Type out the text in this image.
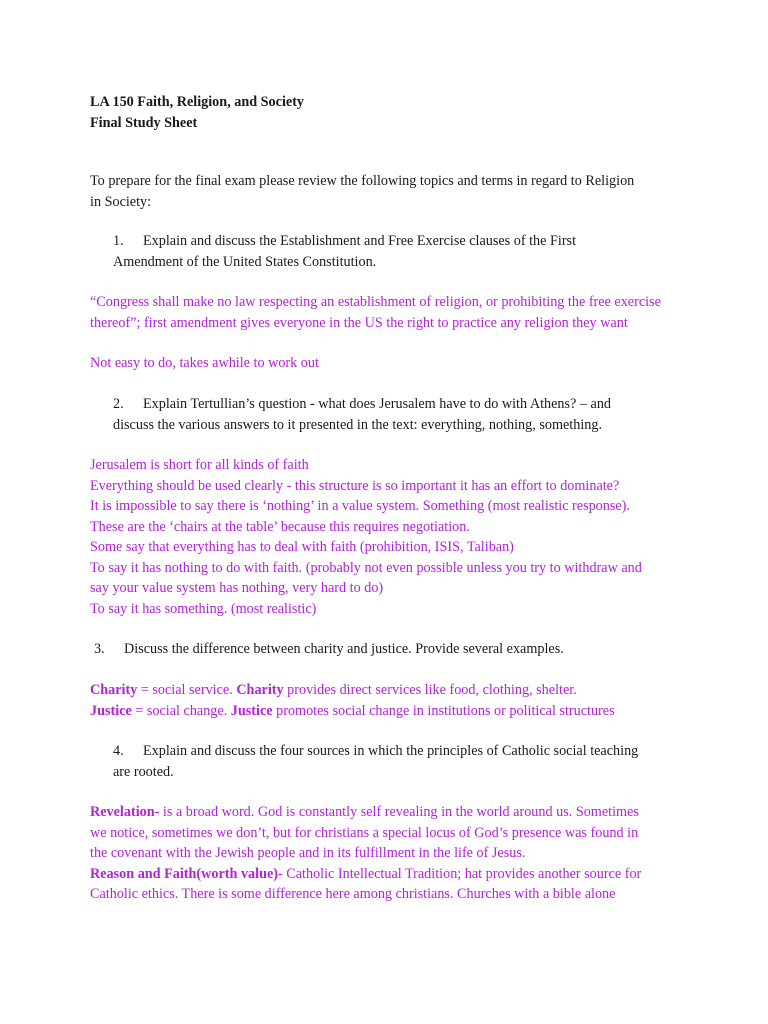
LA 150 Faith, Religion, and Society
Final Study Sheet
To prepare for the final exam please review the following topics and terms in regard to Religion
in Society:
1. Explain and discuss the Establishment and Free Exercise clauses of the First
Amendment of the United States Constitution.
“Congress shall make no law respecting an establishment of religion, or prohibiting the free exercise
thereof”; first amendment gives everyone in the US the right to practice any religion they want
Not easy to do, takes awhile to work out
2. Explain Tertullian’s question - what does Jerusalem have to do with Athens? – and
discuss the various answers to it presented in the text: everything, nothing, something.
Jerusalem is short for all kinds of faith
Everything should be used clearly - this structure is so important it has an effort to dominate?
It is impossible to say there is ‘nothing’ in a value system. Something (most realistic response).
These are the ‘chairs at the table’ because this requires negotiation.
Some say that everything has to deal with faith (prohibition, ISIS, Taliban)
To say it has nothing to do with faith. (probably not even possible unless you try to withdraw and
say your value system has nothing, very hard to do)
To say it has something. (most realistic)
3. Discuss the difference between charity and justice. Provide several examples.
Charity = social service. Charity provides direct services like food, clothing, shelter.
Justice = social change. Justice promotes social change in institutions or political structures
4. Explain and discuss the four sources in which the principles of Catholic social teaching
are rooted.
Revelation- is a broad word. God is constantly self revealing in the world around us. Sometimes
we notice, sometimes we don’t, but for christians a special locus of God’s presence was found in
the covenant with the Jewish people and in its fulfillment in the life of Jesus.
Reason and Faith(worth value)- Catholic Intellectual Tradition; hat provides another source for
Catholic ethics. There is some difference here among christians. Churches with a bible alone
